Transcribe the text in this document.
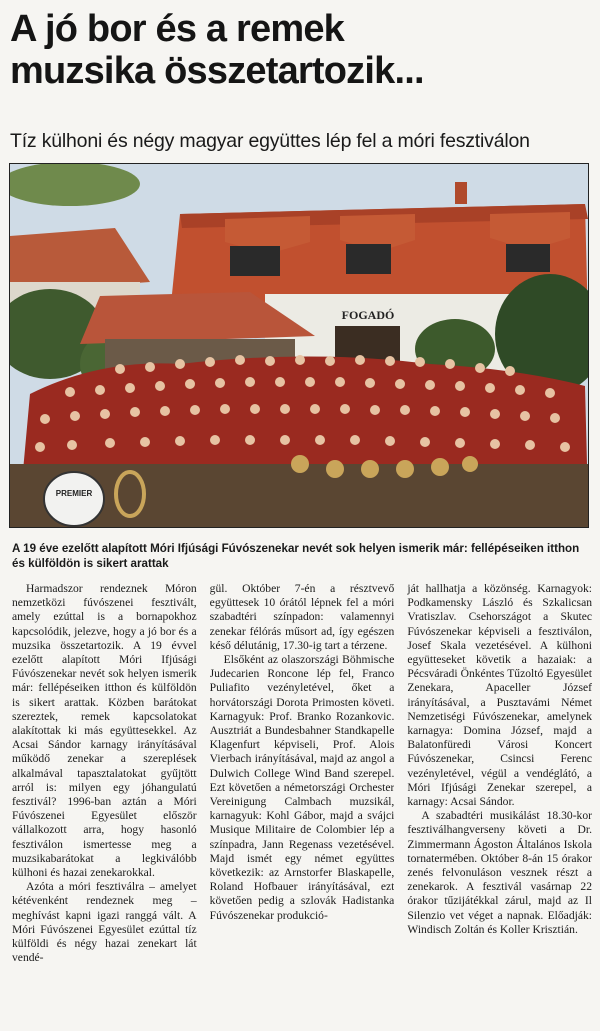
A jó bor és a remek
muzsika összetartozik...
Tíz külhoni és négy magyar együttes lép fel a móri fesztiválon
FOGADÓ
PREMIER
A 19 éve ezelőtt alapított Móri Ifjúsági Fúvószenekar nevét sok helyen ismerik már: fellépéseiken itthon és külföldön is sikert arattak

Harmadszor rendeznek Móron nemzetközi fúvószenei fesztivált, amely ezúttal is a bornapokhoz kapcsolódik, jelezve, hogy a jó bor és a muzsika összetartozik. A 19 évvel ezelőtt alapított Móri Ifjúsági Fúvószenekar nevét sok helyen ismerik már: fellépéseiken itthon és külföldön is sikert arattak. Közben barátokat szereztek, remek kapcsolatokat alakítottak ki más együttesekkel. Az Acsai Sándor karnagy irányításával működő zenekar a szereplések alkalmával tapasztalatokat gyűjtött arról is: milyen egy jóhangulatú fesztivál? 1996-ban aztán a Móri Fúvószenei Egyesület először vállalkozott arra, hogy hasonló fesztiválon ismertesse meg a muzsikabarátokat a legkiválóbb külhoni és hazai zenekarokkal.

Azóta a móri fesztiválra – amelyet kétévenként rendeznek meg – meghívást kapni igazi ranggá vált. A Móri Fúvószenei Egyesület ezúttal tíz külföldi és négy hazai zenekart lát vendé-

gül. Október 7-én a résztvevő együttesek 10 órától lépnek fel a móri szabadtéri színpadon: valamennyi zenekar félórás műsort ad, így egészen késő délutánig, 17.30-ig tart a térzene.

Elsőként az olaszországi Böhmische Judecarien Roncone lép fel, Franco Puliafito vezényletével, őket a horvátországi Dorota Primosten követi. Karnagyuk: Prof. Branko Rozankovic. Ausztriát a Bundesbahner Standkapelle Klagenfurt képviseli, Prof. Alois Vierbach irányításával, majd az angol a Dulwich College Wind Band szerepel. Ezt követően a németországi Orchester Vereinigung Calmbach muzsikál, karnagyuk: Kohl Gábor, majd a svájci Musique Militaire de Colombier lép a színpadra, Jann Regenass vezetésével. Majd ismét egy német együttes következik: az Arnstorfer Blaskapelle, Roland Hofbauer irányításával, ezt követően pedig a szlovák Hadistanka Fúvószenekar produkció-

ját hallhatja a közönség. Karnagyok: Podkamensky László és Szkalicsan Vratiszlav. Csehországot a Skutec Fúvószenekar képviseli a fesztiválon, Josef Skala vezetésével. A külhoni együtteseket követik a hazaiak: a Pécsváradi Önkéntes Tűzoltó Egyesület Zenekara, Apaceller József irányításával, a Pusztavámi Német Nemzetiségi Fúvószenekar, amelynek karnagya: Domina József, majd a Balatonfüredi Városi Koncert Fúvószenekar, Csincsi Ferenc vezényletével, végül a vendéglátó, a Móri Ifjúsági Zenekar szerepel, a karnagy: Acsai Sándor.

A szabadtéri musikálást 18.30-kor fesztiválhangverseny követi a Dr. Zimmermann Ágoston Általános Iskola tornatermében. Október 8-án 15 órakor zenés felvonuláson vesznek részt a zenekarok. A fesztivál vasárnap 22 órakor tűzijátékkal zárul, majd az Il Silenzio vet véget a napnak. Előadják: Windisch Zoltán és Koller Krisztián.
